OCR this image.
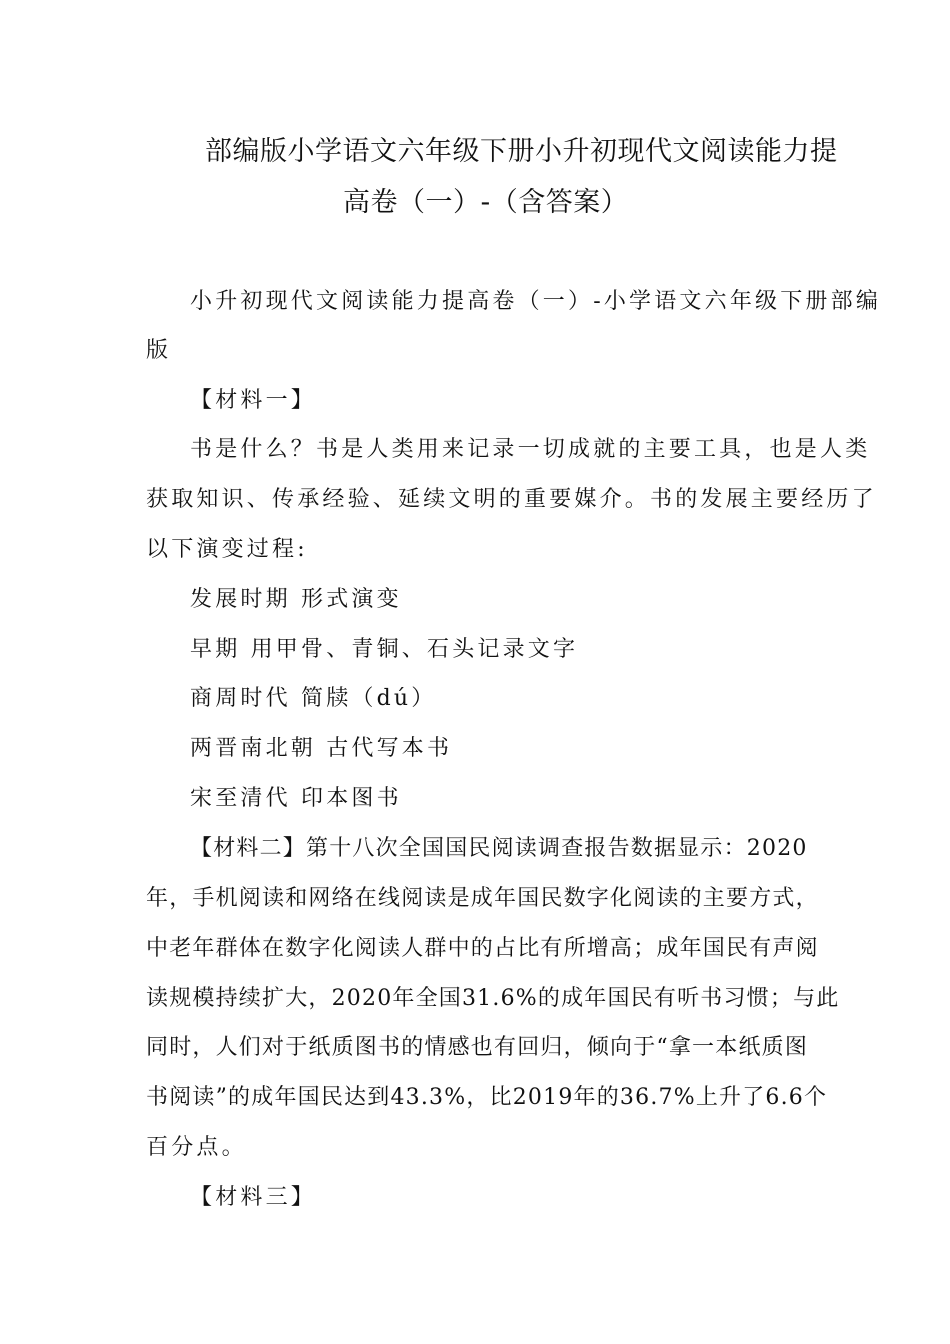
部编版小学语文六年级下册小升初现代文阅读能力提
高卷（一）-（含答案）
小升初现代文阅读能力提高卷（一）-小学语文六年级下册部编
版
【材料一】
书是什么？书是人类用来记录一切成就的主要工具，也是人类
获取知识、传承经验、延续文明的重要媒介。书的发展主要经历了
以下演变过程:
发展时期 形式演变
早期 用甲骨、青铜、石头记录文字
商周时代 简牍（dú）
两晋南北朝 古代写本书
宋至清代 印本图书
【材料二】第十八次全国国民阅读调查报告数据显示：2020
年，手机阅读和网络在线阅读是成年国民数字化阅读的主要方式，
中老年群体在数字化阅读人群中的占比有所增高；成年国民有声阅
读规模持续扩大，2020年全国31.6%的成年国民有听书习惯；与此
同时，人们对于纸质图书的情感也有回归，倾向于“拿一本纸质图
书阅读”的成年国民达到43.3%，比2019年的36.7%上升了6.6个
百分点。
【材料三】
